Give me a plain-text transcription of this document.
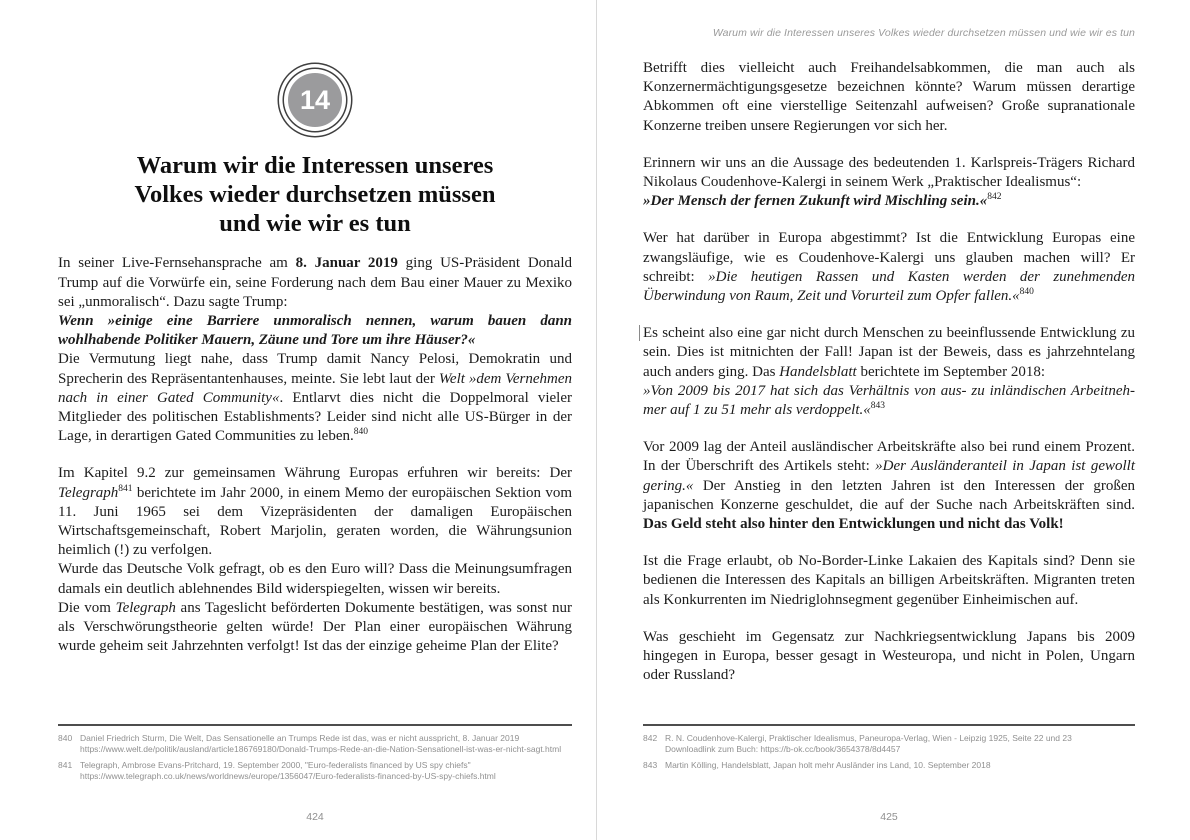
14
Warum wir die Interessen unseres
Volkes wieder durchsetzen müssen
und wie wir es tun

In seiner Live-Fernsehansprache am 8. Januar 2019 ging US-Präsident Donald Trump auf die Vorwürfe ein, seine Forderung nach dem Bau einer Mauer zu Mexiko sei „unmoralisch“. Dazu sagte Trump:

Wenn »einige eine Barriere unmoralisch nennen, warum bauen dann wohlhabende Politiker Mauern, Zäune und Tore um ihre Häuser?«

Die Vermutung liegt nahe, dass Trump damit Nancy Pelosi, Demokratin und Sprecherin des Repräsentantenhauses, meinte. Sie lebt laut der Welt »dem Vernehmen nach in einer Gated Community«. Entlarvt dies nicht die Doppelmoral vieler Mitglieder des politischen Establishments? Leider sind nicht alle US-Bürger in der Lage, in derartigen Gated Communities zu leben.$^{840}$

Im Kapitel 9.2 zur gemeinsamen Währung Europas erfuhren wir bereits: Der Telegraph$^{841}$ berichtete im Jahr 2000, in einem Memo der europäischen Sektion vom 11. Juni 1965 sei dem Vizepräsidenten der damaligen Europäischen Wirtschaftsgemeinschaft, Robert Marjolin, geraten worden, die Währungsunion heimlich (!) zu verfolgen.

Wurde das Deutsche Volk gefragt, ob es den Euro will? Dass die Meinungsumfragen damals ein deutlich ablehnendes Bild widerspiegelten, wissen wir bereits.

Die vom Telegraph ans Tageslicht beförderten Dokumente bestätigen, was sonst nur als Verschwörungstheorie gelten würde! Der Plan einer europäischen Währung wurde geheim seit Jahrzehnten verfolgt! Ist das der einzige geheime Plan der Elite?

840 Daniel Friedrich Sturm, Die Welt, Das Sensationelle an Trumps Rede ist das, was er nicht ausspricht, 8. Januar 2019
https://www.welt.de/politik/ausland/article186769180/Donald-Trumps-Rede-an-die-Nation-Sensationell-ist-was-er-nicht-sagt.html
841 Telegraph, Ambrose Evans-Pritchard, 19. September 2000, "Euro-federalists financed by US spy chiefs"
https://www.telegraph.co.uk/news/worldnews/europe/1356047/Euro-federalists-financed-by-US-spy-chiefs.html
424
Warum wir die Interessen unseres Volkes wieder durchsetzen müssen und wie wir es tun

Betrifft dies vielleicht auch Freihandelsabkommen, die man auch als Konzernermächtigungsgesetze bezeichnen könnte? Warum müssen derartige Abkommen oft eine vierstellige Seitenzahl aufweisen? Große supranationale Konzerne treiben unsere Regierungen vor sich her.

Erinnern wir uns an die Aussage des bedeutenden 1. Karlspreis-Trägers Richard Nikolaus Coudenhove-Kalergi in seinem Werk „Praktischer Idealismus“:

»Der Mensch der fernen Zukunft wird Mischling sein.«$^{842}$

Wer hat darüber in Europa abgestimmt? Ist die Entwicklung Europas eine zwangsläufige, wie es Coudenhove-Kalergi uns glauben machen will? Er schreibt: »Die heutigen Rassen und Kasten werden der zunehmenden Überwindung von Raum, Zeit und Vorurteil zum Opfer fallen.«$^{840}$

Es scheint also eine gar nicht durch Menschen zu beeinflussende Entwicklung zu sein. Dies ist mitnichten der Fall! Japan ist der Beweis, dass es jahrzehntelang auch anders ging. Das Handelsblatt berichtete im September 2018:

»Von 2009 bis 2017 hat sich das Verhältnis von aus- zu inländischen Arbeitneh-mer auf 1 zu 51 mehr als verdoppelt.«$^{843}$

Vor 2009 lag der Anteil ausländischer Arbeitskräfte also bei rund einem Prozent. In der Überschrift des Artikels steht: »Der Ausländeranteil in Japan ist gewollt gering.« Der Anstieg in den letzten Jahren ist den Interessen der großen japanischen Konzerne geschuldet, die auf der Suche nach Arbeitskräften sind. Das Geld steht also hinter den Entwicklungen und nicht das Volk!

Ist die Frage erlaubt, ob No-Border-Linke Lakaien des Kapitals sind? Denn sie bedienen die Interessen des Kapitals an billigen Arbeitskräften. Migranten treten als Konkurrenten im Niedriglohnsegment gegenüber Einheimischen auf.

Was geschieht im Gegensatz zur Nachkriegsentwicklung Japans bis 2009 hingegen in Europa, besser gesagt in Westeuropa, und nicht in Polen, Ungarn oder Russland?

842 R. N. Coudenhove-Kalergi, Praktischer Idealismus, Paneuropa-Verlag, Wien - Leipzig 1925, Seite 22 und 23
Downloadlink zum Buch: https://b-ok.cc/book/3654378/8d4457
843 Martin Kölling, Handelsblatt, Japan holt mehr Ausländer ins Land, 10. September 2018
425
